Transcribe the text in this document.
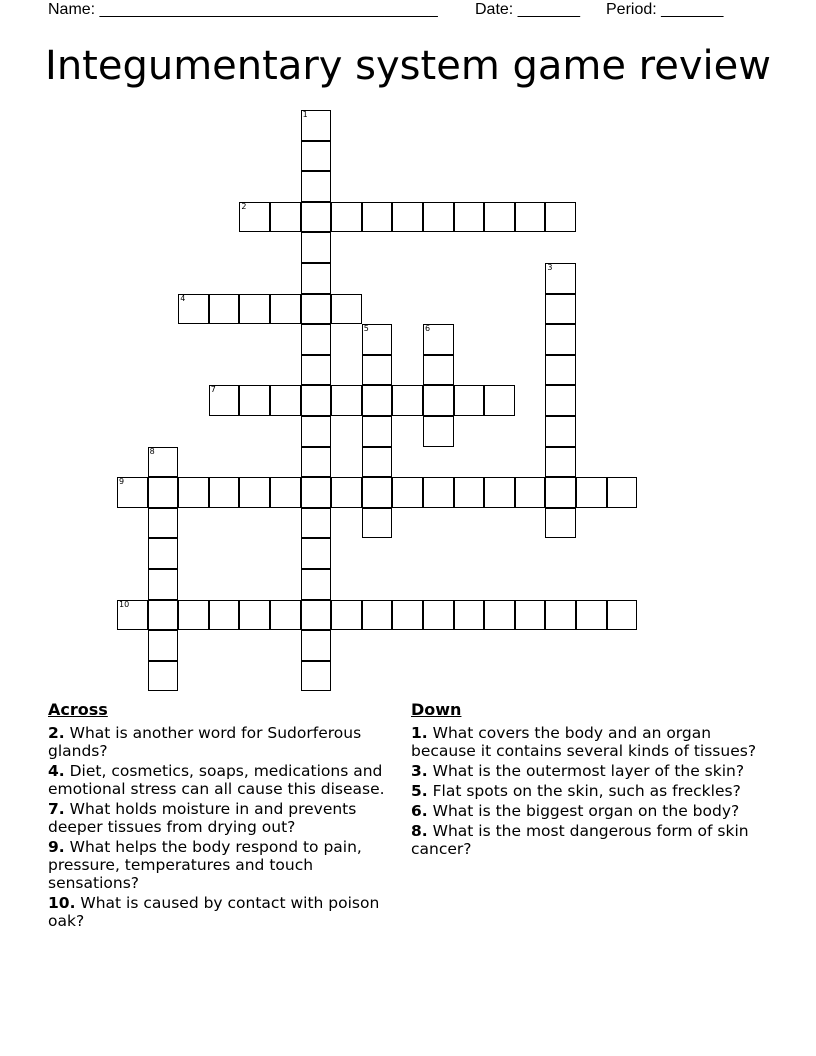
Name: ______________________________________ Date: _______ Period: _______
Integumentary system game review
1
2
3
4
5	6
7
8
9
10
Across
2. What is another word for Sudorferous glands?
4. Diet, cosmetics, soaps, medications and emotional stress can all cause this disease.
7. What holds moisture in and prevents deeper tissues from drying out?
9. What helps the body respond to pain, pressure, temperatures and touch sensations?
10. What is caused by contact with poison oak?
Down
1. What covers the body and an organ because it contains several kinds of tissues?
3. What is the outermost layer of the skin?
5. Flat spots on the skin, such as freckles?
6. What is the biggest organ on the body?
8. What is the most dangerous form of skin cancer?
